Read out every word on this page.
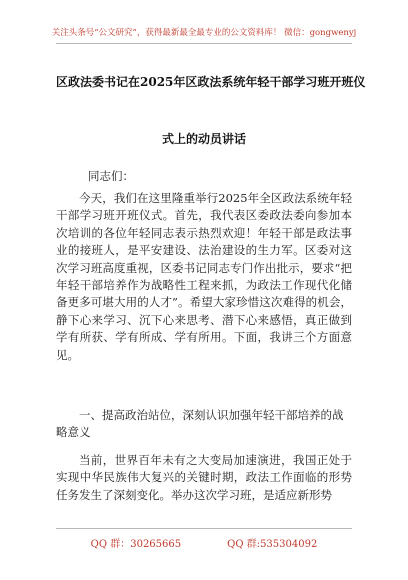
关注头条号“公文研究”，获得最新最全最专业的公文资料库！ 微信：gongwenyj
区政法委书记在2025年区政法系统年轻干部学习班开班仪
式上的动员讲话
同志们：

今天，我们在这里隆重举行2025年全区政法系统年轻干部学习班开班仪式。首先，我代表区委政法委向参加本次培训的各位年轻同志表示热烈欢迎！年轻干部是政法事业的接班人，是平安建设、法治建设的生力军。区委对这次学习班高度重视，区委书记同志专门作出批示，要求“把年轻干部培养作为战略性工程来抓，为政法工作现代化储备更多可堪大用的人才”。希望大家珍惜这次难得的机会，静下心来学习、沉下心来思考、潜下心来感悟，真正做到学有所获、学有所成、学有所用。下面，我讲三个方面意见。

一、提高政治站位，深刻认识加强年轻干部培养的战略意义

当前，世界百年未有之大变局加速演进，我国正处于实现中华民族伟大复兴的关键时期，政法工作面临的形势任务发生了深刻变化。举办这次学习班，是适应新形势

QQ 群：30265665	QQ 群:535304092
